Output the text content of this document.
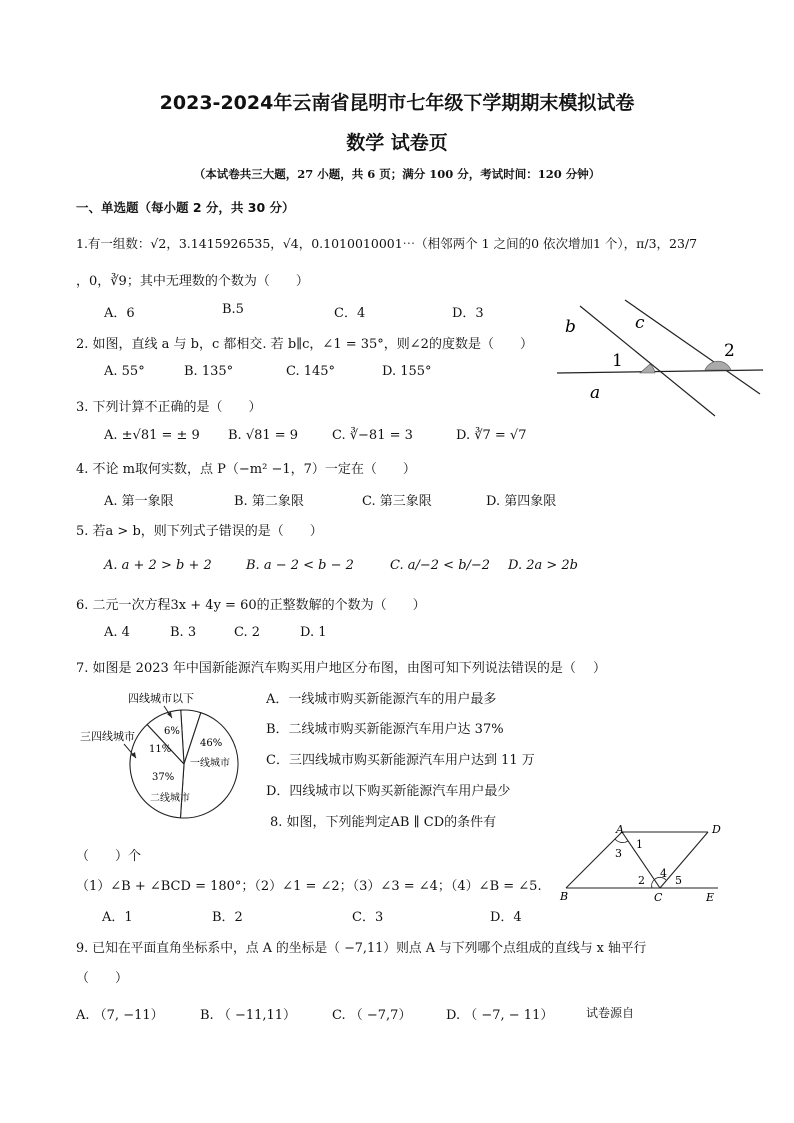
2023-2024年云南省昆明市七年级下学期期末模拟试卷
数学 试卷页
（本试卷共三大题，27 小题，共 6 页；满分 100 分，考试时间：120 分钟）
一、单选题（每小题 2 分，共 30 分）
1.有一组数：√2，3.1415926535，√4，0.1010010001⋯（相邻两个 1 之间的0 依次增加1 个），π/3，23/7
，0，∛9；其中无理数的个数为（　　）
A．6	B.5	C．4	D．3
b	c
a
1	2
2. 如图，直线 a 与 b，c 都相交. 若 b∥c，∠1 = 35°，则∠2的度数是（　　）
A. 55°	B. 135°	C. 145°	D. 155°
3. 下列计算不正确的是（　　）
A. ±√81 = ± 9 B. √81 = 9	C. ∛−81 = 3	D. ∛7 = √7
4. 不论 m取何实数，点 P（−m² −1，7）一定在（　　）
A. 第一象限	B. 第二象限	C. 第三象限	D. 第四象限
5. 若a > b，则下列式子错误的是（　　）
A. a + 2 > b + 2	B. a − 2 < b − 2	C. a/−2 < b/−2 D. 2a > 2b
6. 二元一次方程3x + 4y = 60的正整数解的个数为（　　）
A. 4	B. 3	C. 2	D. 1
7. 如图是 2023 年中国新能源汽车购买用户地区分布图，由图可知下列说法错误的是（　 ）
四线城市以下
三四线城市	6%
46%
11%
37%
一线城市
二线城市
A．一线城市购买新能源汽车的用户最多
B．二线城市购买新能源汽车用户达 37%
C．三四线城市购买新能源汽车用户达到 11 万
D．四线城市以下购买新能源汽车用户最少
8. 如图，下列能判定AB ∥ CD的条件有	A	D
B	C	E
1
3
2
4
5
（　　）个
（1）∠B + ∠BCD = 180°；（2）∠1 = ∠2；（3）∠3 = ∠4；（4）∠B = ∠5.
A．1	B．2	C．3	D．4
9. 已知在平面直角坐标系中，点 A 的坐标是（ −7,11）则点 A 与下列哪个点组成的直线与 x 轴平行
（　　）
A. （7, −11）	B. （ −11,11）	C. （ −7,7）	D. （ −7, − 11）	试卷源自
